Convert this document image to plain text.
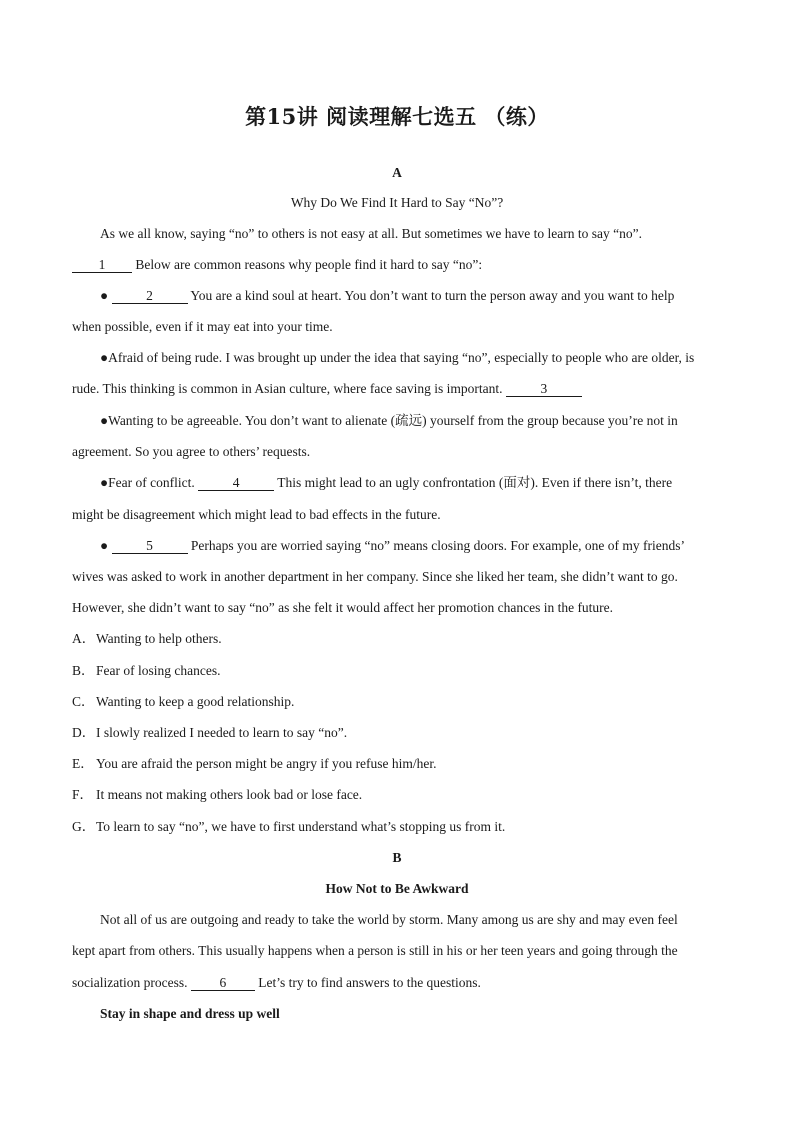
第15讲 阅读理解七选五 （练）
A
Why Do We Find It Hard to Say “No”?
As we all know, saying “no” to others is not easy at all. But sometimes we have to learn to say “no”.
1 Below are common reasons why people find it hard to say “no”:
●	2	You are a kind soul at heart. You don’t want to turn the person away and you want to help
when possible, even if it may eat into your time.
●Afraid of being rude. I was brought up under the idea that saying “no”, especially to people who are older, is
rude. This thinking is common in Asian culture, where face saving is important.	3
●Wanting to be agreeable. You don’t want to alienate (疏远) yourself from the group because you’re not in
agreement. So you agree to others’ requests.
●Fear of conflict.	4	This might lead to an ugly confrontation (面对). Even if there isn’t, there
might be disagreement which might lead to bad effects in the future.
●	5	Perhaps you are worried saying “no” means closing doors. For example, one of my friends’
wives was asked to work in another department in her company. Since she liked her team, she didn’t want to go.
However, she didn’t want to say “no” as she felt it would affect her promotion chances in the future.
A．Wanting to help others.
B．Fear of losing chances.
C．Wanting to keep a good relationship.
D．I slowly realized I needed to learn to say “no”.
E． You are afraid the person might be angry if you refuse him/her.
F． It means not making others look bad or lose face.
G．To learn to say “no”, we have to first understand what’s stopping us from it.
B
How Not to Be Awkward
Not all of us are outgoing and ready to take the world by storm. Many among us are shy and may even feel
kept apart from others. This usually happens when a person is still in his or her teen years and going through the
socialization process. 6 Let’s try to find answers to the questions.
Stay in shape and dress up well
